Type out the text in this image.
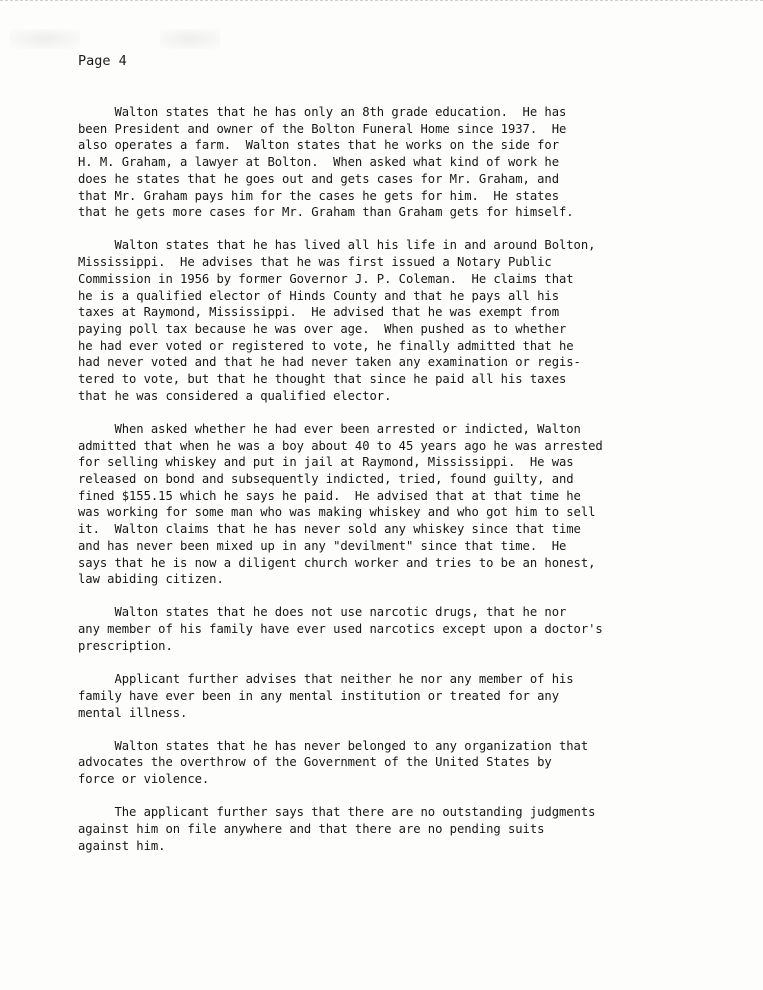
Page 4
Walton states that he has only an 8th grade education.  He has
been President and owner of the Bolton Funeral Home since 1937.  He
also operates a farm.  Walton states that he works on the side for
H. M. Graham, a lawyer at Bolton.  When asked what kind of work he
does he states that he goes out and gets cases for Mr. Graham, and
that Mr. Graham pays him for the cases he gets for him.  He states
that he gets more cases for Mr. Graham than Graham gets for himself.
Walton states that he has lived all his life in and around Bolton,
Mississippi.  He advises that he was first issued a Notary Public
Commission in 1956 by former Governor J. P. Coleman.  He claims that
he is a qualified elector of Hinds County and that he pays all his
taxes at Raymond, Mississippi.  He advised that he was exempt from
paying poll tax because he was over age.  When pushed as to whether
he had ever voted or registered to vote, he finally admitted that he
had never voted and that he had never taken any examination or regis-
tered to vote, but that he thought that since he paid all his taxes
that he was considered a qualified elector.
When asked whether he had ever been arrested or indicted, Walton
admitted that when he was a boy about 40 to 45 years ago he was arrested
for selling whiskey and put in jail at Raymond, Mississippi.  He was
released on bond and subsequently indicted, tried, found guilty, and
fined $155.15 which he says he paid.  He advised that at that time he
was working for some man who was making whiskey and who got him to sell
it.  Walton claims that he has never sold any whiskey since that time
and has never been mixed up in any "devilment" since that time.  He
says that he is now a diligent church worker and tries to be an honest,
law abiding citizen.
Walton states that he does not use narcotic drugs, that he nor
any member of his family have ever used narcotics except upon a doctor's
prescription.
Applicant further advises that neither he nor any member of his
family have ever been in any mental institution or treated for any
mental illness.
Walton states that he has never belonged to any organization that
advocates the overthrow of the Government of the United States by
force or violence.
The applicant further says that there are no outstanding judgments
against him on file anywhere and that there are no pending suits
against him.
